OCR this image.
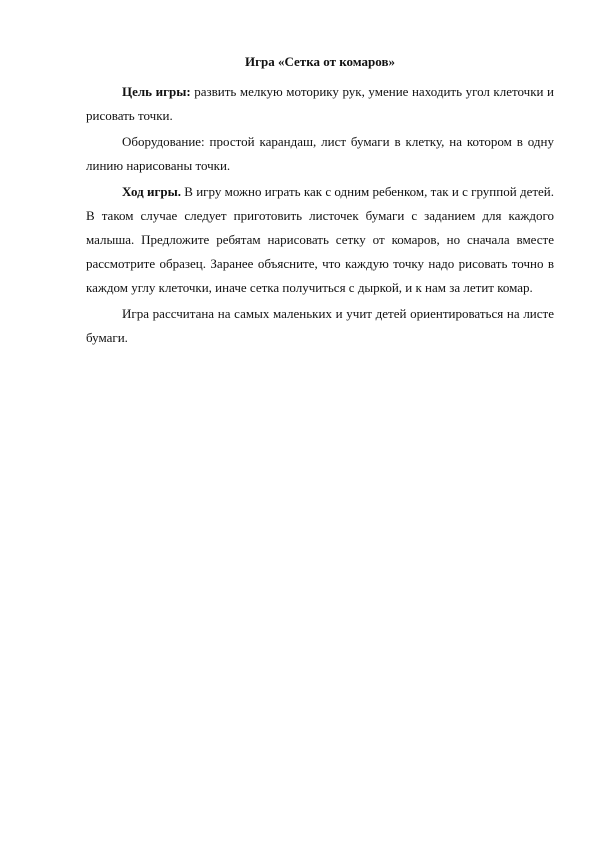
Игра «Сетка от комаров»

Цель игры: развить мелкую моторику рук, умение находить угол клеточки и рисовать точки.

Оборудование: простой карандаш, лист бумаги в клетку, на котором в одну линию нарисованы точки.

Ход игры. В игру можно играть как с одним ребенком, так и с группой детей. В таком случае следует приготовить листочек бумаги с заданием для каждого малыша. Предложите ребятам нарисовать сетку от комаров, но сначала вместе рассмотрите образец. Заранее объясните, что каждую точку надо рисовать точно в каждом углу клеточки, иначе сетка получиться с дыркой, и к нам за летит комар.

Игра рассчитана на самых маленьких и учит детей ориентироваться на листе бумаги.
